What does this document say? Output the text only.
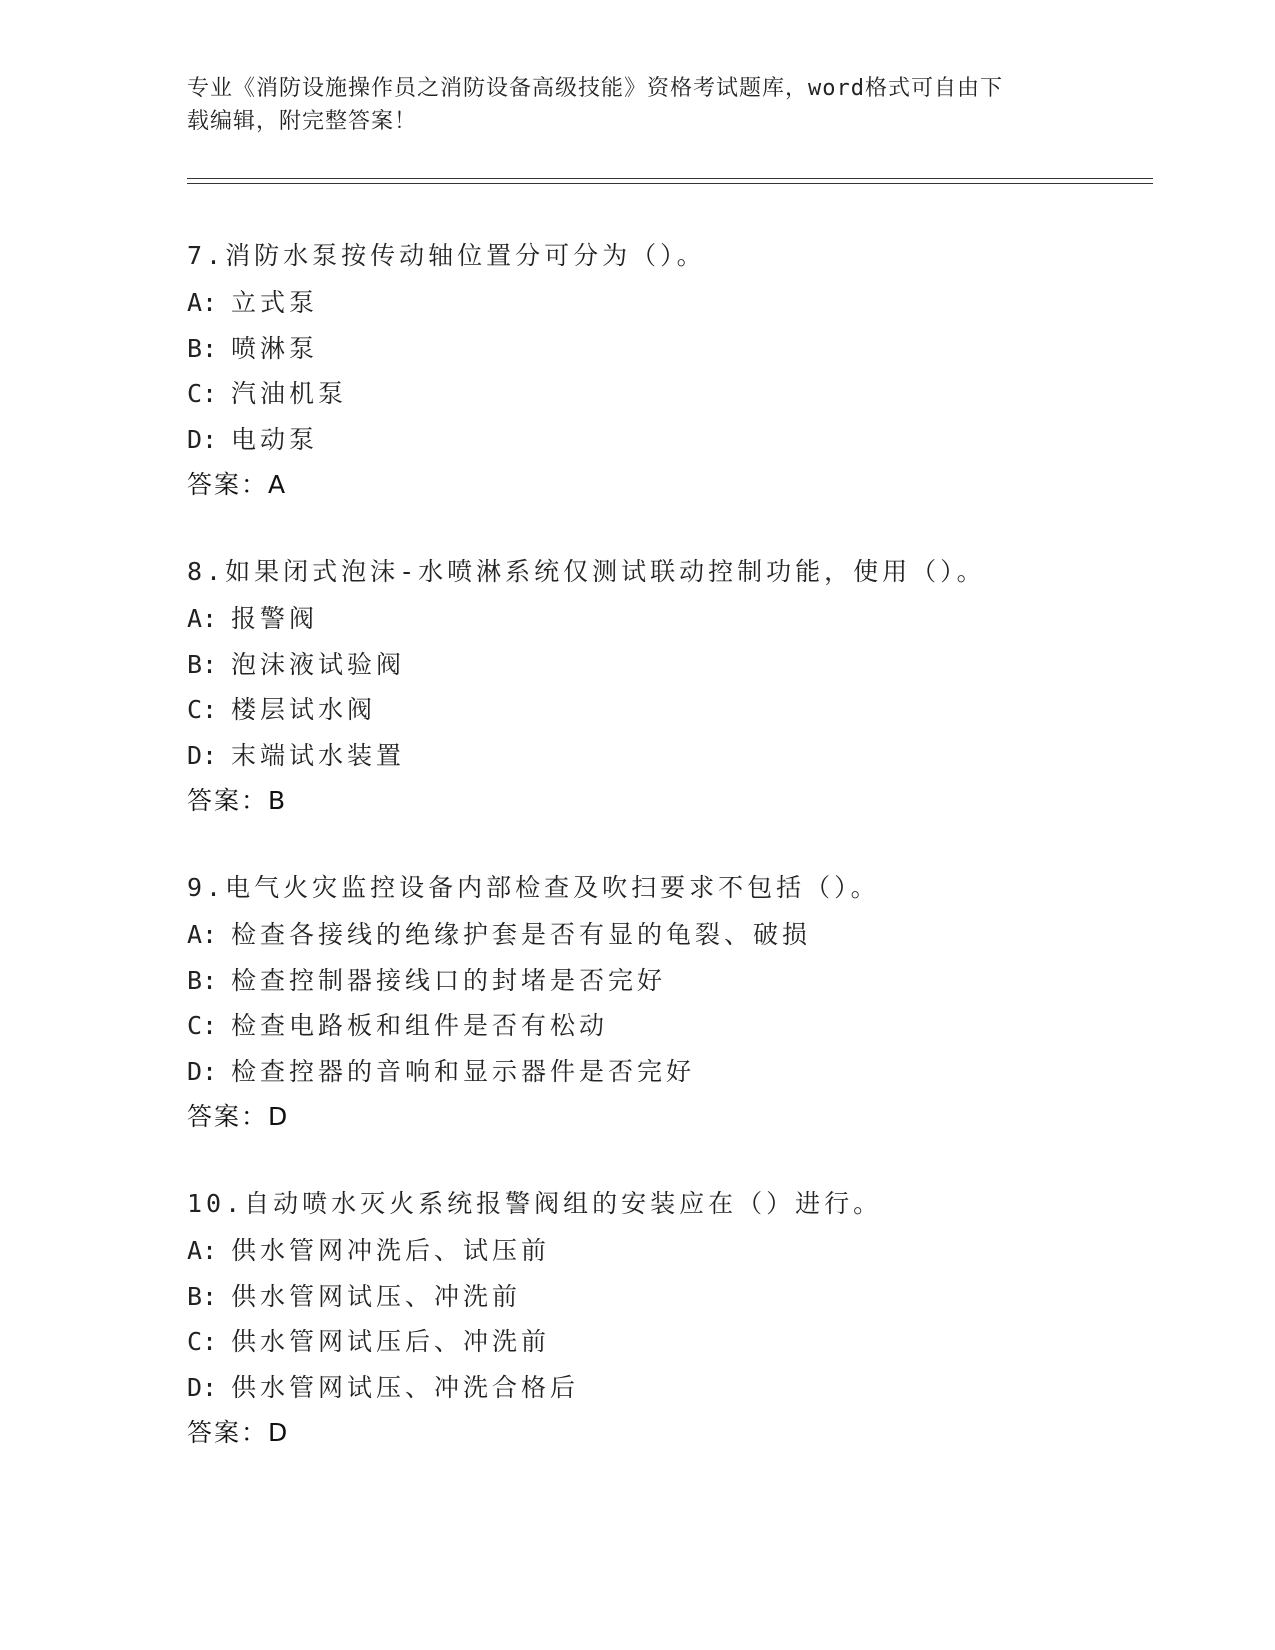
专业《消防设施操作员之消防设备高级技能》资格考试题库，word格式可自由下
载编辑，附完整答案！
7.消防水泵按传动轴位置分可分为（）。
A: 立式泵
B: 喷淋泵
C: 汽油机泵
D: 电动泵
答案：A
8.如果闭式泡沫-水喷淋系统仅测试联动控制功能，使用（）。
A: 报警阀
B: 泡沫液试验阀
C: 楼层试水阀
D: 末端试水装置
答案：B
9.电气火灾监控设备内部检查及吹扫要求不包括（）。
A: 检查各接线的绝缘护套是否有显的龟裂、破损
B: 检查控制器接线口的封堵是否完好
C: 检查电路板和组件是否有松动
D: 检查控器的音响和显示器件是否完好
答案：D
10.自动喷水灭火系统报警阀组的安装应在（）进行。
A: 供水管网冲洗后、试压前
B: 供水管网试压、冲洗前
C: 供水管网试压后、冲洗前
D: 供水管网试压、冲洗合格后
答案：D
